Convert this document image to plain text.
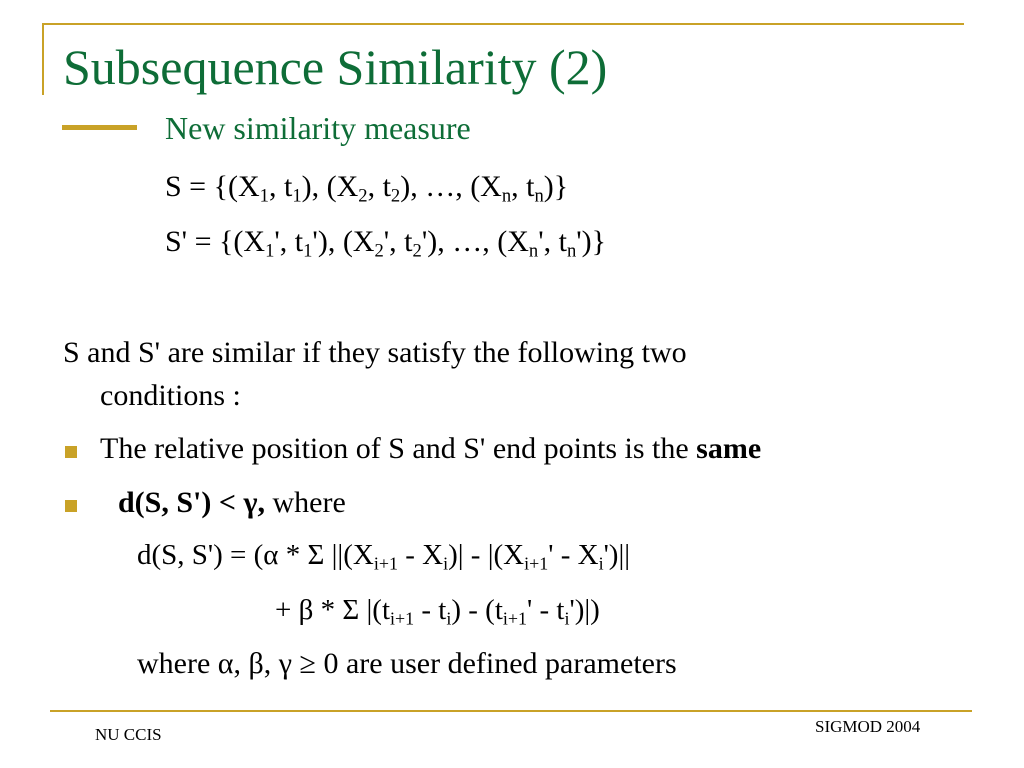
Subsequence Similarity (2)
New similarity measure
$S = \{(X_1$, $t_1$), ($X_2$, $t_2$), …, ($X_n$, $t_n$)}
$S' = \{(X_1'$, $t_1'$), ($X_2'$, $t_2'$), …, ($X_n'$, $t_n'$)}
S and S' are similar if they satisfy the following two
conditions :
The relative position of S and S' end points is the same
d(S, S') < γ, where
d(S, S') = (α * Σ $||(X_{i+1} - X_i)| - |(X_{i+1}' - X_i')||$
+ β * Σ $|(t_{i+1} - t_i) - (t_{i+1}' - t_i')|$)
where α, β, γ ≥ 0 are user defined parameters
NU CCIS	SIGMOD 2004
